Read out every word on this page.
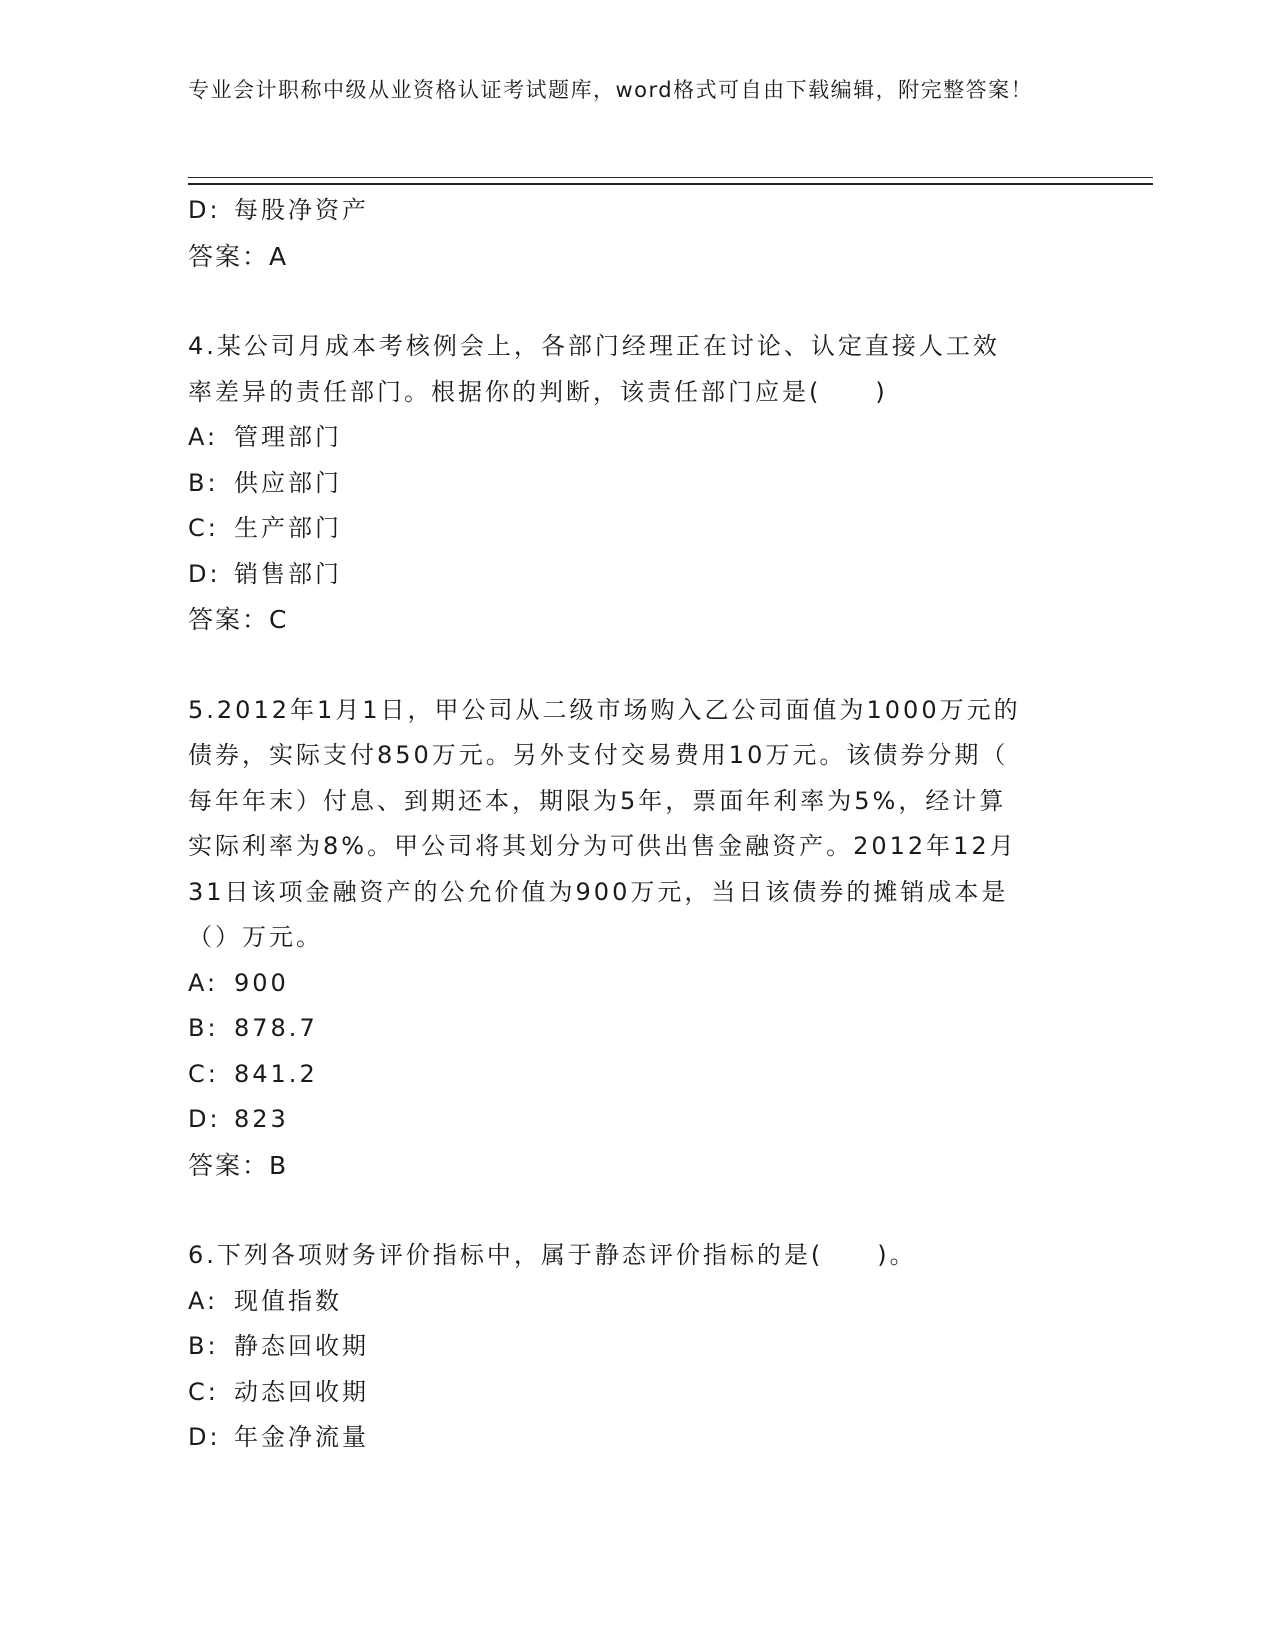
专业会计职称中级从业资格认证考试题库，word格式可自由下载编辑，附完整答案！
D: 每股净资产
答案：A
4.某公司月成本考核例会上，各部门经理正在讨论、认定直接人工效
率差异的责任部门。根据你的判断，该责任部门应是(　　)
A: 管理部门
B: 供应部门
C: 生产部门
D: 销售部门
答案：C
5.2012年1月1日，甲公司从二级市场购入乙公司面值为1000万元的
债券，实际支付850万元。另外支付交易费用10万元。该债券分期（
每年年末）付息、到期还本，期限为5年，票面年利率为5%，经计算
实际利率为8%。甲公司将其划分为可供出售金融资产。2012年12月
31日该项金融资产的公允价值为900万元，当日该债券的摊销成本是
（）万元。
A: 900
B: 878.7
C: 841.2
D: 823
答案：B
6.下列各项财务评价指标中，属于静态评价指标的是(　　)。
A: 现值指数
B: 静态回收期
C: 动态回收期
D: 年金净流量
